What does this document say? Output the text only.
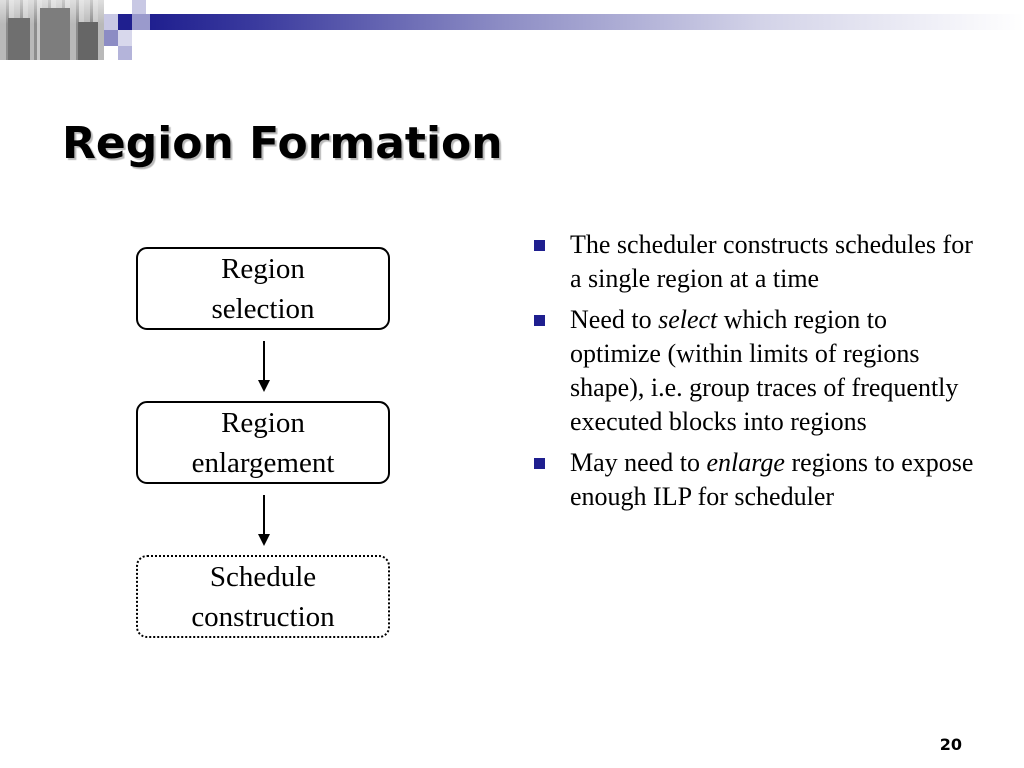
Region Formation
Region
selection
Region
enlargement
Schedule
construction
The scheduler constructs schedules for a single region at a time
Need to select which region to optimize (within limits of regions shape), i.e. group traces of frequently executed blocks into regions
May need to enlarge regions to expose enough ILP for scheduler
20
